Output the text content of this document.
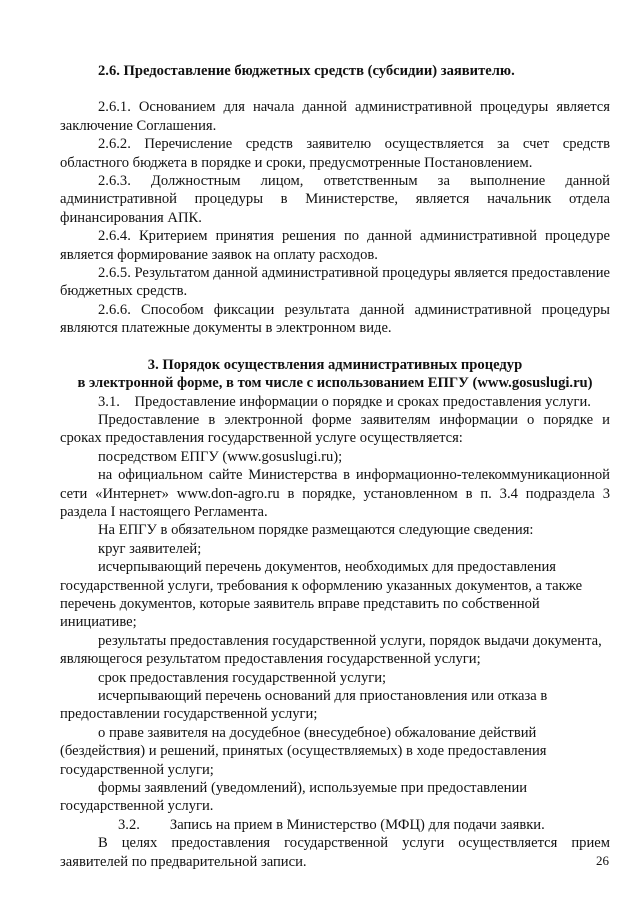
2.6. Предоставление бюджетных средств (субсидии) заявителю.

2.6.1. Основанием для начала данной административной процедуры является заключение Соглашения.

2.6.2. Перечисление средств заявителю осуществляется за счет средств областного бюджета в порядке и сроки, предусмотренные Постановлением.

2.6.3. Должностным лицом, ответственным за выполнение данной административной процедуры в Министерстве, является начальник отдела финансирования АПК.

2.6.4. Критерием принятия решения по данной административной процедуре является формирование заявок на оплату расходов.

2.6.5. Результатом данной административной процедуры является предоставление бюджетных средств.

2.6.6. Способом фиксации результата данной административной процедуры являются платежные документы в электронном виде.

3. Порядок осуществления административных процедур
в электронной форме, в том числе с использованием ЕПГУ (www.gosuslugi.ru)

3.1.    Предоставление информации о порядке и сроках предоставления услуги.

Предоставление в электронной форме заявителям информации о порядке и сроках предоставления государственной услуге осуществляется:

посредством ЕПГУ (www.gosuslugi.ru);

на официальном сайте Министерства в информационно-телекоммуникационной сети «Интернет» www.don-agro.ru в порядке, установленном в п. 3.4 подраздела 3 раздела I настоящего Регламента.

На ЕПГУ в обязательном порядке размещаются следующие сведения:

круг заявителей;

исчерпывающий перечень документов, необходимых для предоставления государственной услуги, требования к оформлению указанных документов, а также перечень документов, которые заявитель вправе представить по собственной инициативе;

результаты предоставления государственной услуги, порядок выдачи документа, являющегося результатом предоставления государственной услуги;

срок предоставления государственной услуги;

исчерпывающий перечень оснований для приостановления или отказа в предоставлении государственной услуги;

о праве заявителя на досудебное (внесудебное) обжалование действий (бездействия) и решений, принятых (осуществляемых) в ходе предоставления государственной услуги;

формы заявлений (уведомлений), используемые при предоставлении государственной услуги.

3.2. Запись на прием в Министерство (МФЦ) для подачи заявки.

В целях предоставления государственной услуги осуществляется прием заявителей по предварительной записи.	26
